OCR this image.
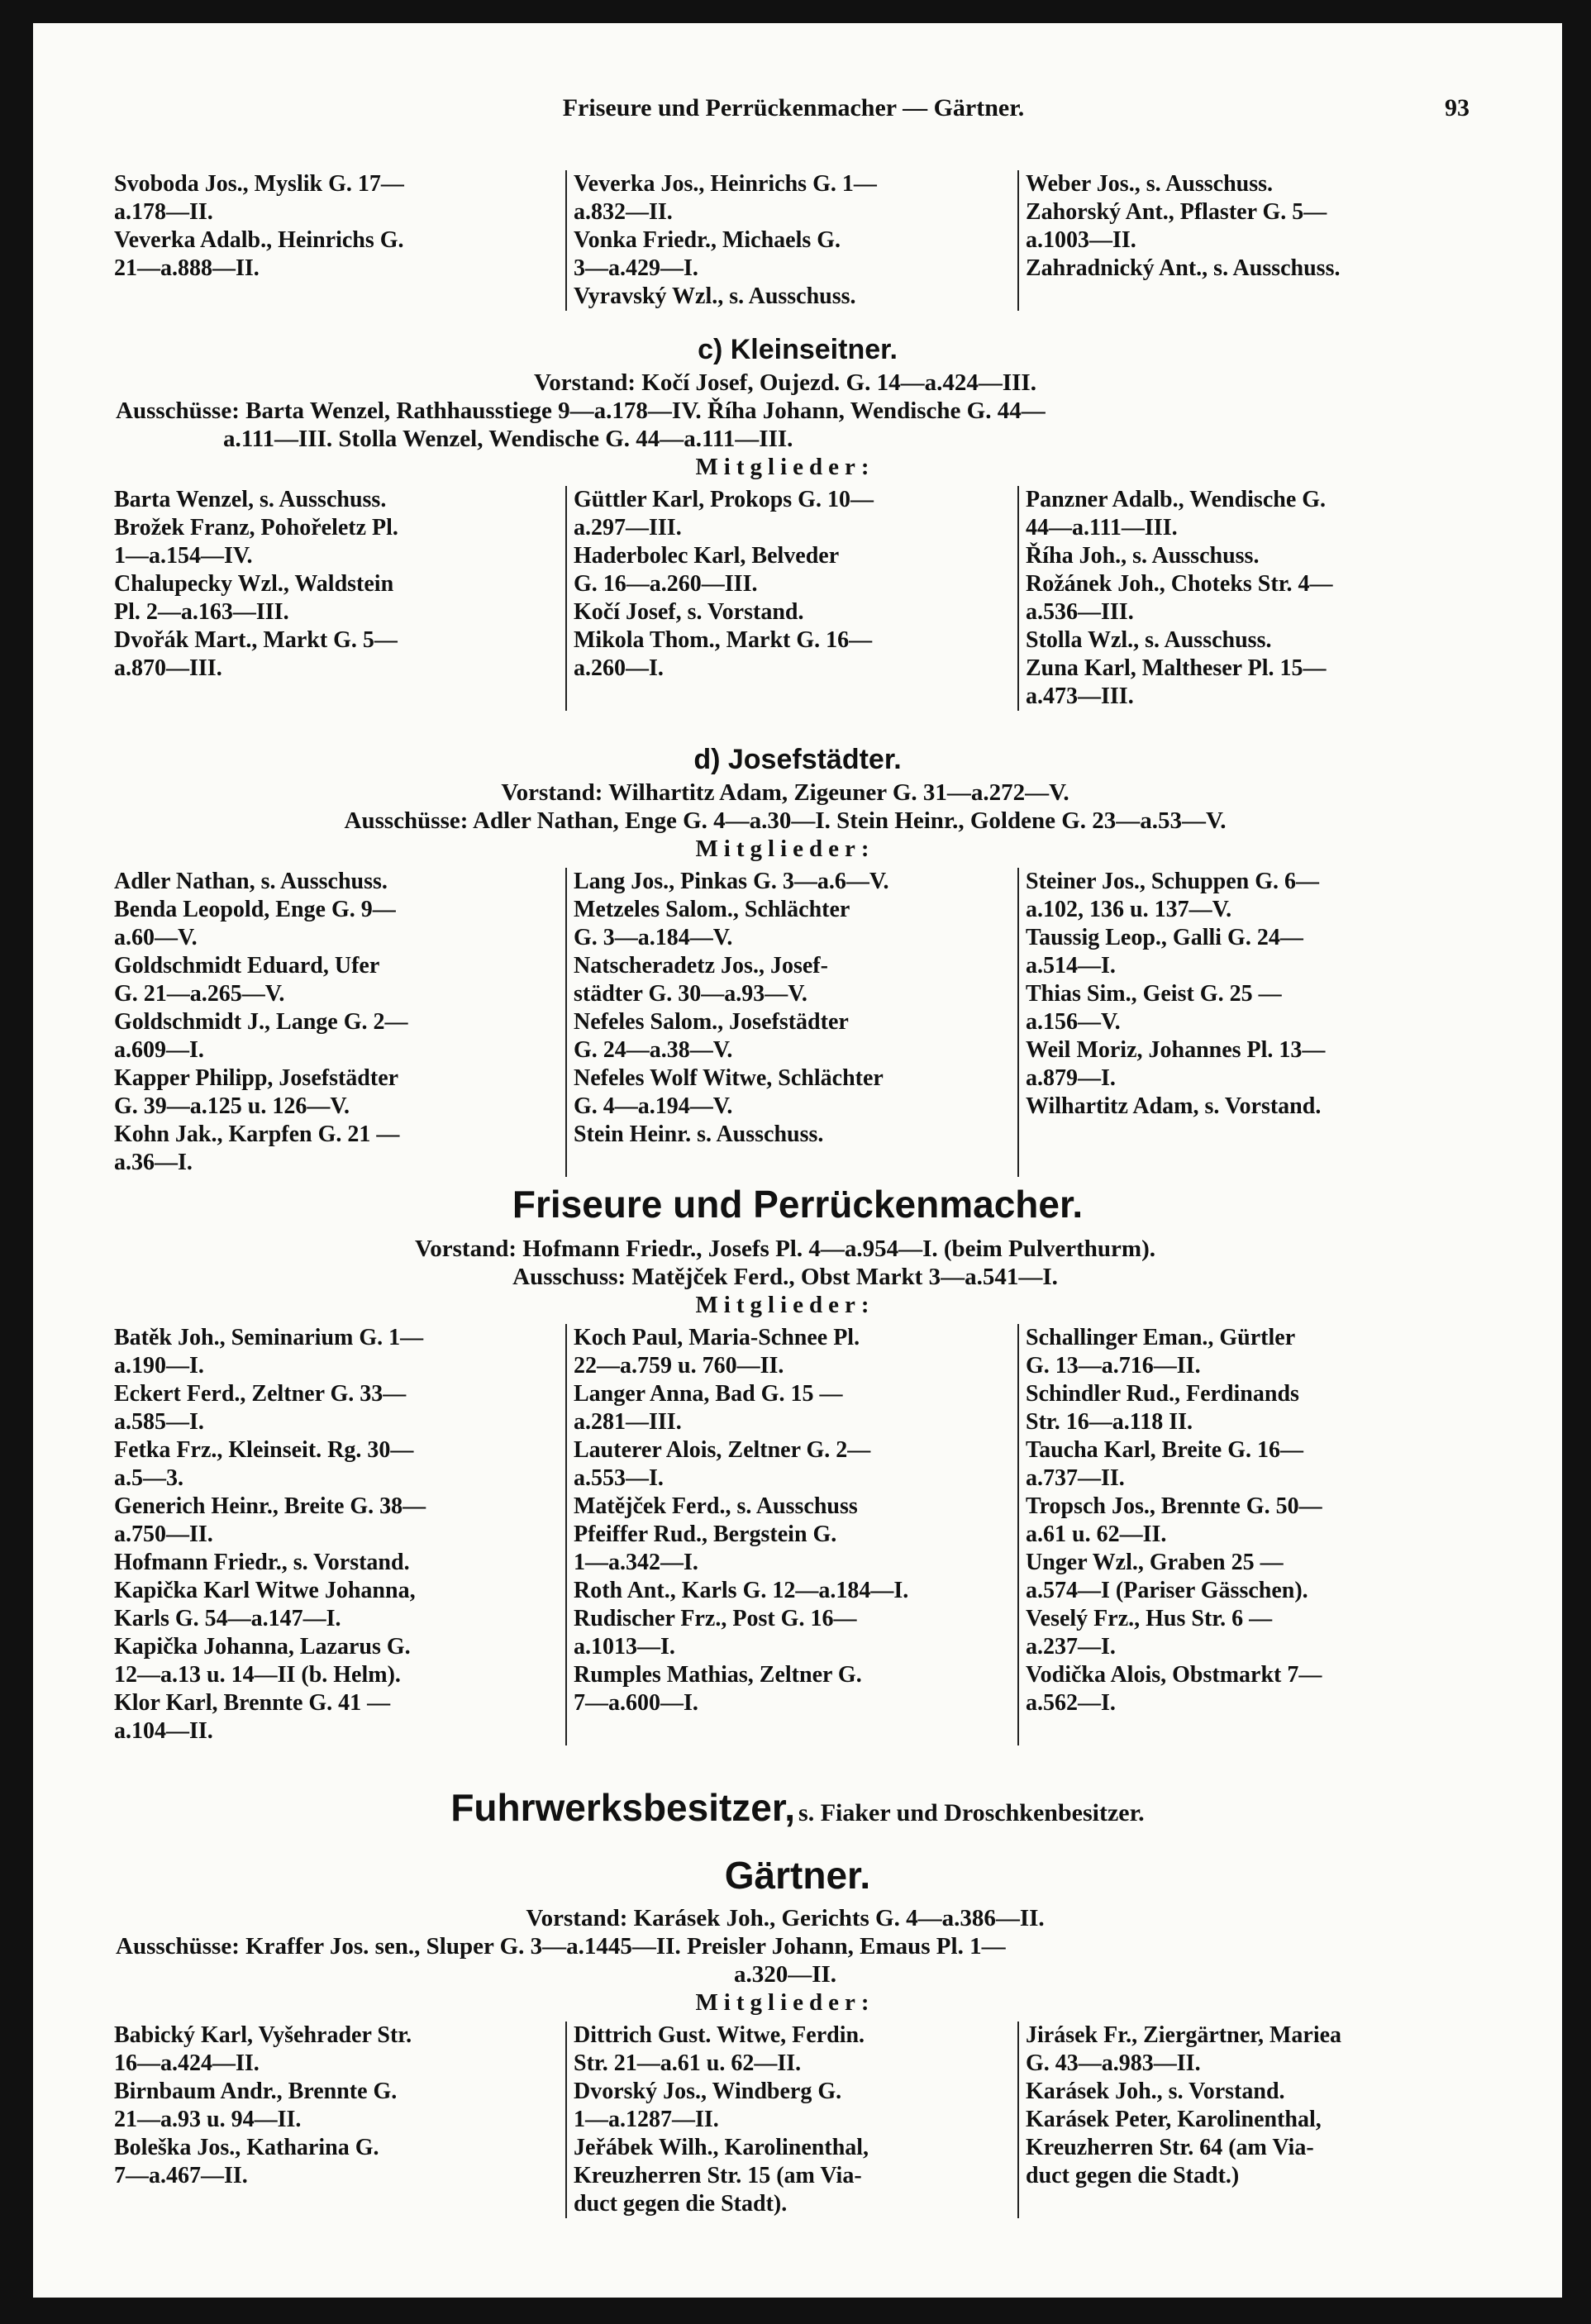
Friseure und Perrückenmacher — Gärtner.	93
Svoboda Jos., Myslik G. 17—
a.178—II.
Veverka Adalb., Heinrichs G.
21—a.888—II.
Veverka Jos., Heinrichs G. 1—
a.832—II.
Vonka Friedr., Michaels G.
3—a.429—I.
Vyravský Wzl., s. Ausschuss.
Weber Jos., s. Ausschuss.
Zahorský Ant., Pflaster G. 5—
a.1003—II.
Zahradnický Ant., s. Ausschuss.
c) Kleinseitner.
Vorstand: Kočí Josef, Oujezd. G. 14—a.424—III.
Ausschüsse: Barta Wenzel, Rathhausstiege 9—a.178—IV. Říha Johann, Wendische G. 44—
a.111—III. Stolla Wenzel, Wendische G. 44—a.111—III.
Mitglieder:
Barta Wenzel, s. Ausschuss.
Brožek Franz, Pohořeletz Pl.
1—a.154—IV.
Chalupecky Wzl., Waldstein
Pl. 2—a.163—III.
Dvořák Mart., Markt G. 5—
a.870—III.
Güttler Karl, Prokops G. 10—
a.297—III.
Haderbolec Karl, Belveder
G. 16—a.260—III.
Kočí Josef, s. Vorstand.
Mikola Thom., Markt G. 16—
a.260—I.
Panzner Adalb., Wendische G.
44—a.111—III.
Říha Joh., s. Ausschuss.
Rožánek Joh., Choteks Str. 4—
a.536—III.
Stolla Wzl., s. Ausschuss.
Zuna Karl, Maltheser Pl. 15—
a.473—III.
d) Josefstädter.
Vorstand: Wilhartitz Adam, Zigeuner G. 31—a.272—V.
Ausschüsse: Adler Nathan, Enge G. 4—a.30—I. Stein Heinr., Goldene G. 23—a.53—V.
Mitglieder:
Adler Nathan, s. Ausschuss.
Benda Leopold, Enge G. 9—
a.60—V.
Goldschmidt Eduard, Ufer
G. 21—a.265—V.
Goldschmidt J., Lange G. 2—
a.609—I.
Kapper Philipp, Josefstädter
G. 39—a.125 u. 126—V.
Kohn Jak., Karpfen G. 21 —
a.36—I.
Lang Jos., Pinkas G. 3—a.6—V.
Metzeles Salom., Schlächter
G. 3—a.184—V.
Natscheradetz Jos., Josef-
städter G. 30—a.93—V.
Nefeles Salom., Josefstädter
G. 24—a.38—V.
Nefeles Wolf Witwe, Schlächter
G. 4—a.194—V.
Stein Heinr. s. Ausschuss.
Steiner Jos., Schuppen G. 6—
a.102, 136 u. 137—V.
Taussig Leop., Galli G. 24—
a.514—I.
Thias Sim., Geist G. 25 —
a.156—V.
Weil Moriz, Johannes Pl. 13—
a.879—I.
Wilhartitz Adam, s. Vorstand.
Friseure und Perrückenmacher.
Vorstand: Hofmann Friedr., Josefs Pl. 4—a.954—I. (beim Pulverthurm).
Ausschuss: Matějček Ferd., Obst Markt 3—a.541—I.
Mitglieder:
Batěk Joh., Seminarium G. 1—
a.190—I.
Eckert Ferd., Zeltner G. 33—
a.585—I.
Fetka Frz., Kleinseit. Rg. 30—
a.5—3.
Generich Heinr., Breite G. 38—
a.750—II.
Hofmann Friedr., s. Vorstand.
Kapička Karl Witwe Johanna,
Karls G. 54—a.147—I.
Kapička Johanna, Lazarus G.
12—a.13 u. 14—II (b. Helm).
Klor Karl, Brennte G. 41 —
a.104—II.
Koch Paul, Maria-Schnee Pl.
22—a.759 u. 760—II.
Langer Anna, Bad G. 15 —
a.281—III.
Lauterer Alois, Zeltner G. 2—
a.553—I.
Matějček Ferd., s. Ausschuss
Pfeiffer Rud., Bergstein G.
1—a.342—I.
Roth Ant., Karls G. 12—a.184—I.
Rudischer Frz., Post G. 16—
a.1013—I.
Rumples Mathias, Zeltner G.
7—a.600—I.
Schallinger Eman., Gürtler
G. 13—a.716—II.
Schindler Rud., Ferdinands
Str. 16—a.118 II.
Taucha Karl, Breite G. 16—
a.737—II.
Tropsch Jos., Brennte G. 50—
a.61 u. 62—II.
Unger Wzl., Graben 25 —
a.574—I (Pariser Gässchen).
Veselý Frz., Hus Str. 6 —
a.237—I.
Vodička Alois, Obstmarkt 7—
a.562—I.
Fuhrwerksbesitzer, s. Fiaker und Droschkenbesitzer.
Gärtner.
Vorstand: Karásek Joh., Gerichts G. 4—a.386—II.
Ausschüsse: Kraffer Jos. sen., Sluper G. 3—a.1445—II. Preisler Johann, Emaus Pl. 1—
a.320—II.
Mitglieder:
Babický Karl, Vyšehrader Str.
16—a.424—II.
Birnbaum Andr., Brennte G.
21—a.93 u. 94—II.
Boleška Jos., Katharina G.
7—a.467—II.
Dittrich Gust. Witwe, Ferdin.
Str. 21—a.61 u. 62—II.
Dvorský Jos., Windberg G.
1—a.1287—II.
Jeřábek Wilh., Karolinenthal,
Kreuzherren Str. 15 (am Via-
duct gegen die Stadt).
Jirásek Fr., Ziergärtner, Mariea
G. 43—a.983—II.
Karásek Joh., s. Vorstand.
Karásek Peter, Karolinenthal,
Kreuzherren Str. 64 (am Via-
duct gegen die Stadt.)
